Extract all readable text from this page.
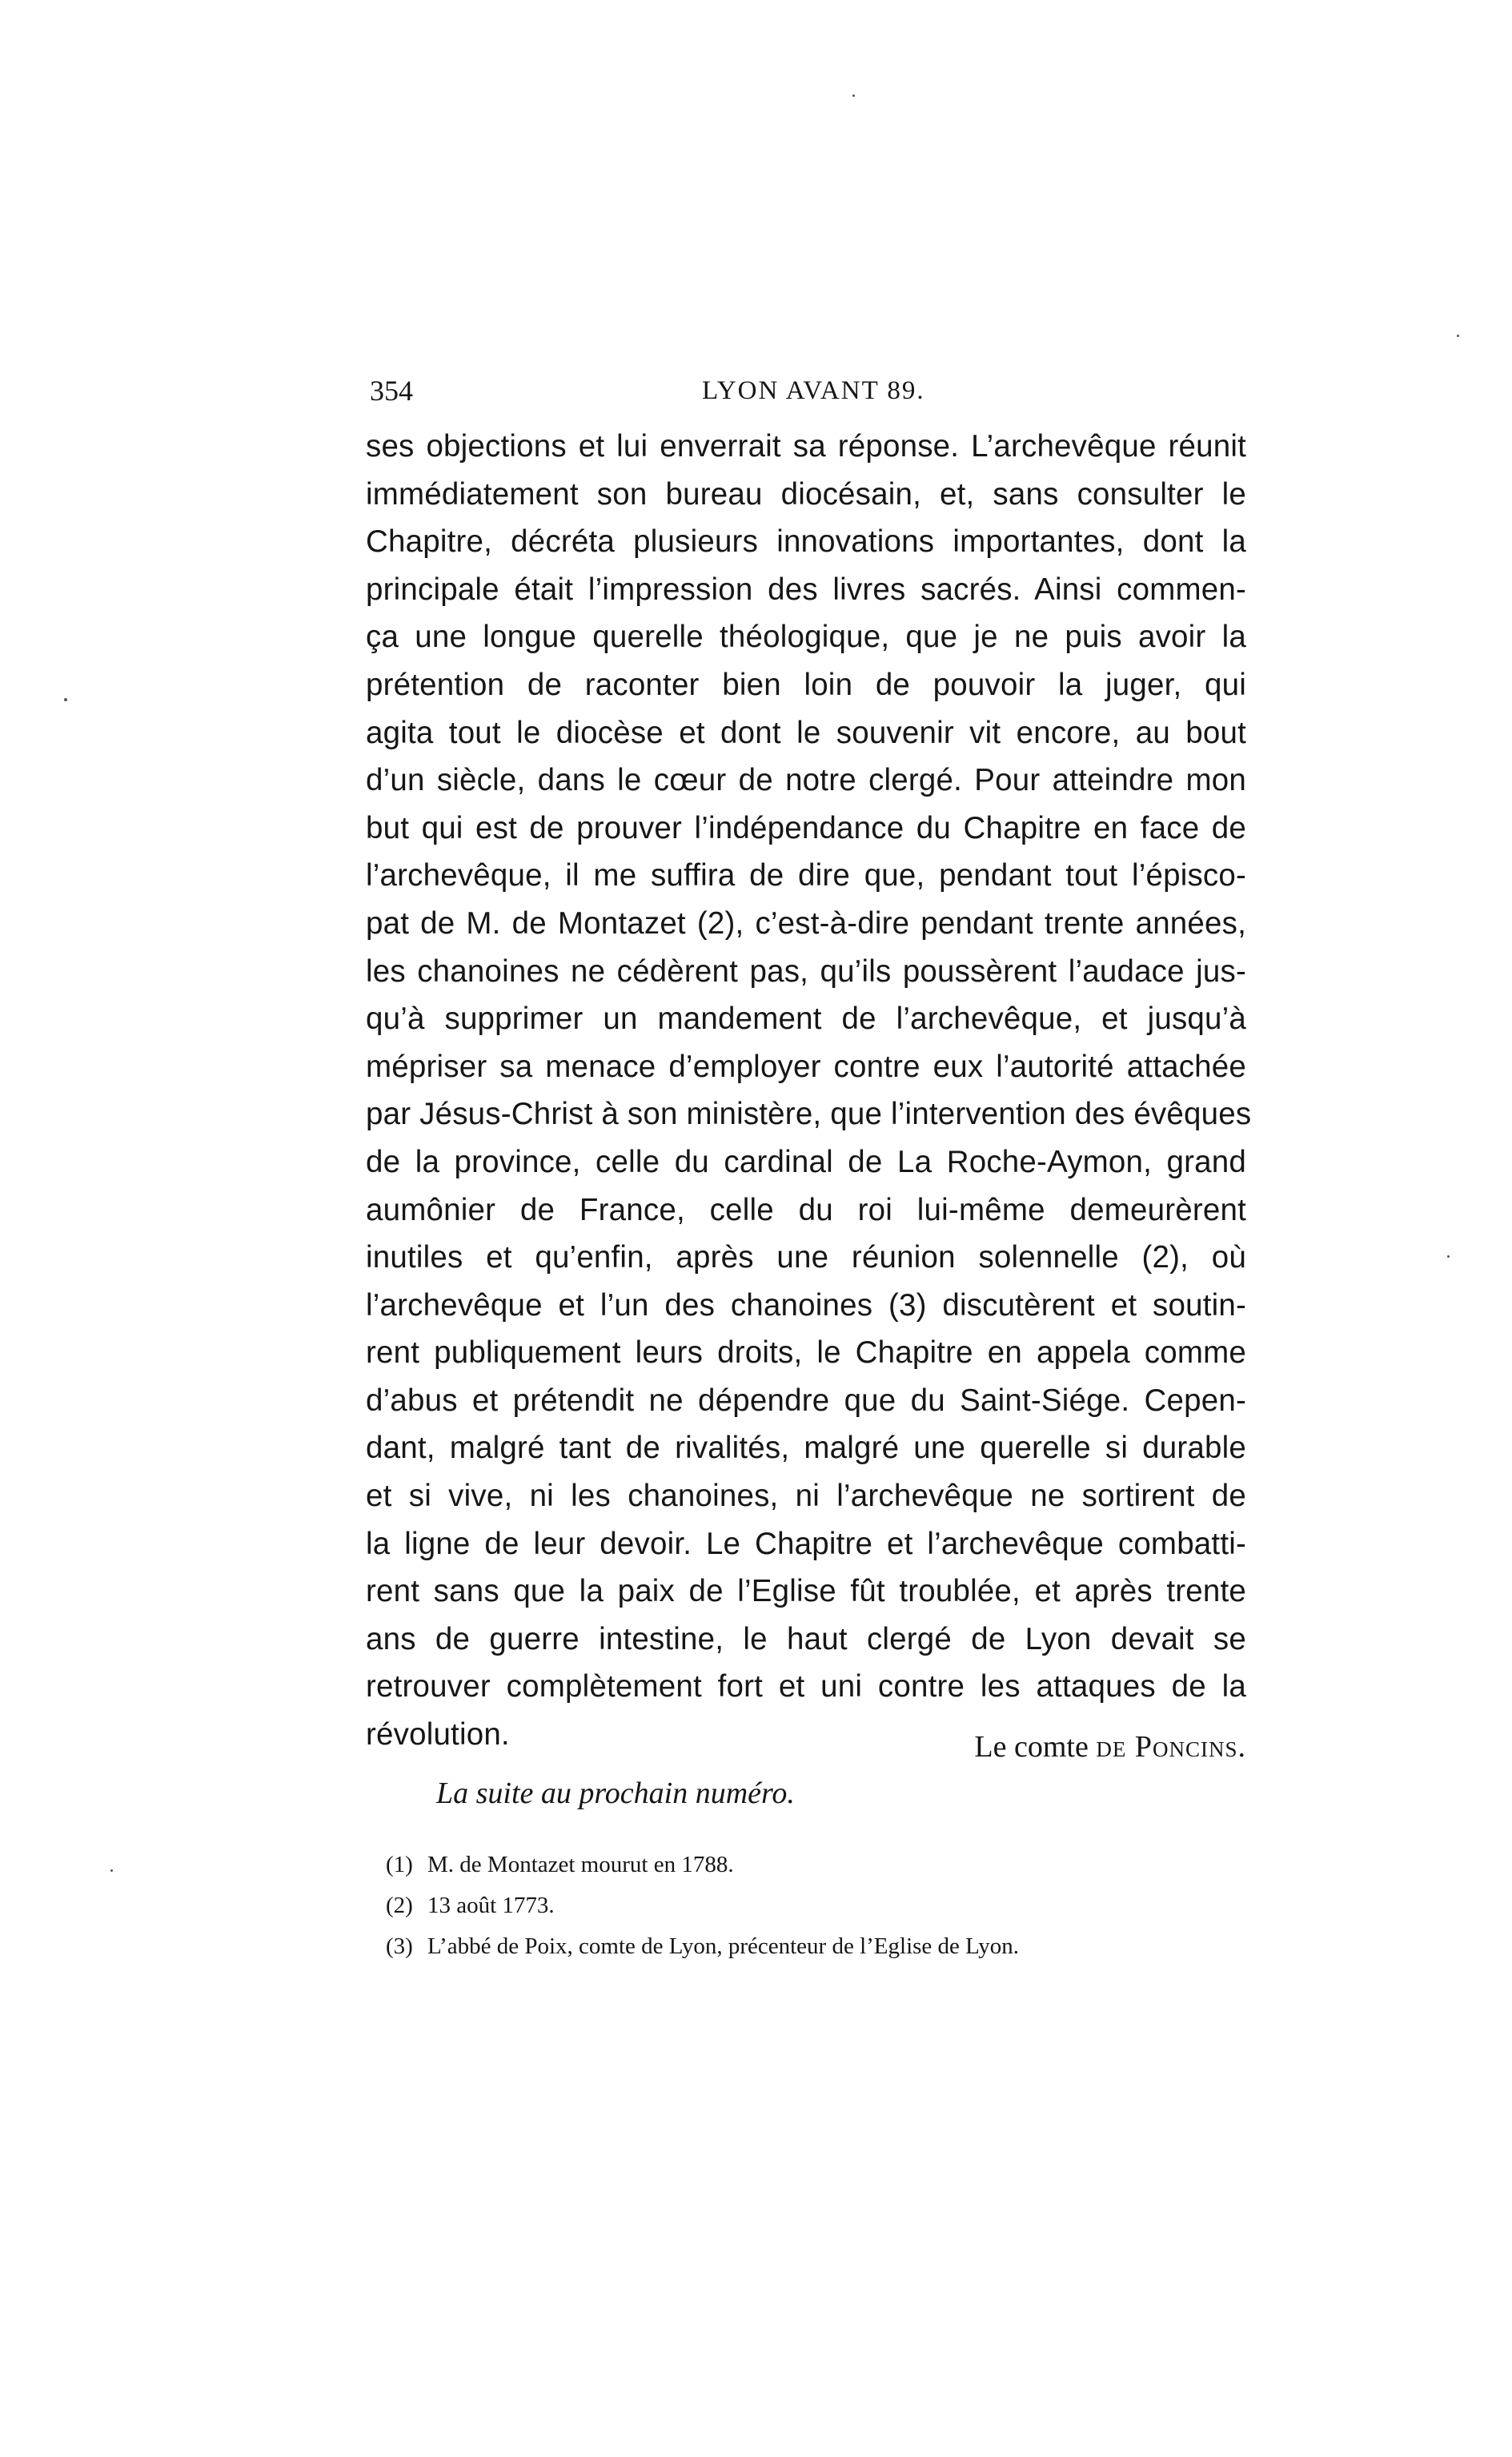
354	LYON AVANT 89.
ses objections et lui enverrait sa réponse. L’archevêque réunit
immédiatement son bureau diocésain, et, sans consulter le
Chapitre, décréta plusieurs innovations importantes, dont la
principale était l’impression des livres sacrés. Ainsi commen-
ça une longue querelle théologique, que je ne puis avoir la
prétention de raconter bien loin de pouvoir la juger, qui
agita tout le diocèse et dont le souvenir vit encore, au bout
d’un siècle, dans le cœur de notre clergé. Pour atteindre mon
but qui est de prouver l’indépendance du Chapitre en face de
l’archevêque, il me suffira de dire que, pendant tout l’épisco-
pat de M. de Montazet (2), c’est-à-dire pendant trente années,
les chanoines ne cédèrent pas, qu’ils poussèrent l’audace jus-
qu’à supprimer un mandement de l’archevêque, et jusqu’à
mépriser sa menace d’employer contre eux l’autorité attachée
par Jésus-Christ à son ministère, que l’intervention des évêques
de la province, celle du cardinal de La Roche-Aymon, grand
aumônier de France, celle du roi lui-même demeurèrent
inutiles et qu’enfin, après une réunion solennelle (2), où
l’archevêque et l’un des chanoines (3) discutèrent et soutin-
rent publiquement leurs droits, le Chapitre en appela comme
d’abus et prétendit ne dépendre que du Saint-Siége. Cepen-
dant, malgré tant de rivalités, malgré une querelle si durable
et si vive, ni les chanoines, ni l’archevêque ne sortirent de
la ligne de leur devoir. Le Chapitre et l’archevêque combatti-
rent sans que la paix de l’Eglise fût troublée, et après trente
ans de guerre intestine, le haut clergé de Lyon devait se
retrouver complètement fort et uni contre les attaques de la
révolution.	Le comte de Poncins.
La suite au prochain numéro.
(1) M. de Montazet mourut en 1788.
(2) 13 août 1773.
(3) L’abbé de Poix, comte de Lyon, précenteur de l’Eglise de Lyon.
